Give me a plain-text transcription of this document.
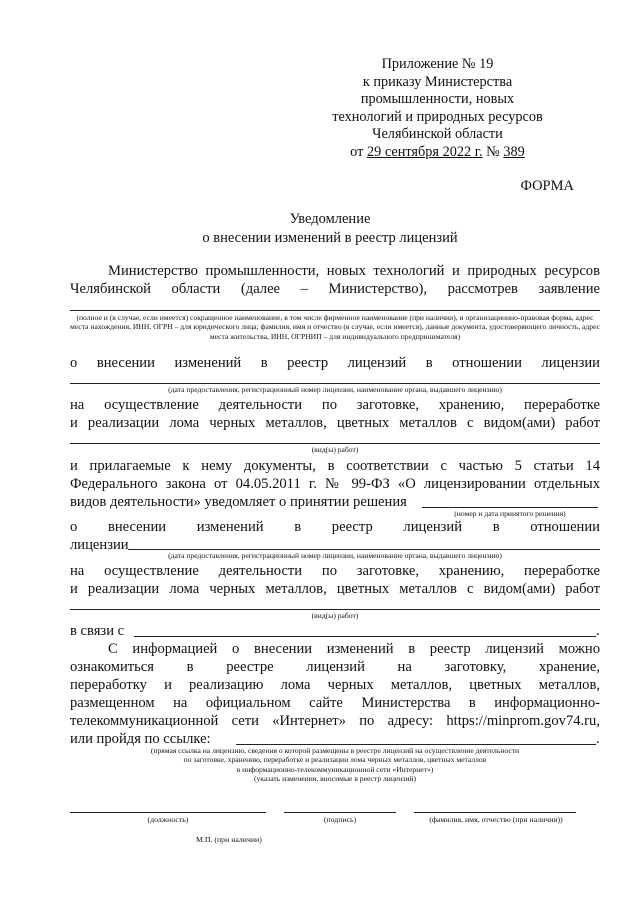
Приложение № 19
к приказу Министерства
промышленности, новых
технологий и природных ресурсов
Челябинской области
от 29 сентября 2022 г. № 389
ФОРМА
Уведомление
о внесении изменений в реестр лицензий
Министерство промышленности, новых технологий и природных ресурсов
Челябинской области (далее – Министерство), рассмотрев заявление
(полное и (в случае, если имеется) сокращенное наименование, в том числе фирменное наименование (при наличии), и организационно-правовая форма, адрес места нахождения, ИНН, ОГРН – для юридического лица; фамилия, имя и отчество (в случае, если имеется), данные документа, удостоверяющего личность, адрес места жительства, ИНН, ОГРНИП – для индивидуального предпринимателя)
о внесении изменений в реестр лицензий в отношении лицензии
(дата предоставления, регистрационный номер лицензии, наименование органа, выдавшего лицензию)
на осуществление деятельности по заготовке, хранению, переработке
и реализации лома черных металлов, цветных металлов с видом(ами) работ
(вид(ы) работ)
и прилагаемые к нему документы, в соответствии с частью 5 статьи 14
Федерального закона от 04.05.2011 г. № 99-ФЗ «О лицензировании отдельных
видов деятельности» уведомляет о принятии решения
(номер и дата принятого решения)
о внесении изменений в реестр лицензий в отношении
лицензии
(дата предоставления, регистрационный номер лицензии, наименование органа, выдавшего лицензию)
на осуществление деятельности по заготовке, хранению, переработке
и реализации лома черных металлов, цветных металлов с видом(ами) работ
(вид(ы) работ)
в связи с	.
С информацией о внесении изменений в реестр лицензий можно
ознакомиться в реестре лицензий на заготовку, хранение,
переработку и реализацию лома черных металлов, цветных металлов,
размещенном на официальном сайте Министерства в информационно-
телекоммуникационной сети «Интернет» по адресу: https://minprom.gov74.ru,
или пройдя по ссылке:	.
(прямая ссылка на лицензию, сведения о которой размещены в реестре лицензий на осуществление деятельности
по заготовке, хранению, переработке и реализации лома черных металлов, цветных металлов
в информационно-телекоммуникационной сети «Интернет»)
(указать изменения, вносимые в реестр лицензий)
(должность)	(подпись)	(фамилия, имя, отчество (при наличии))
М.П. (при наличии)
